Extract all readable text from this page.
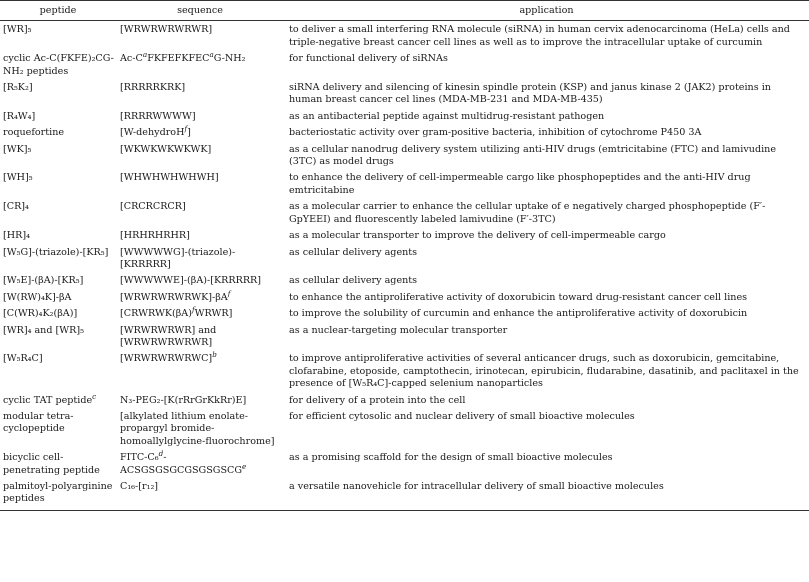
peptide	sequence	application
[WR]₅	[WRWRWRWRWR]	to deliver a small interfering RNA molecule (siRNA) in human cervix adenocarcinoma (HeLa) cells and triple-negative breast cancer cell lines as well as to improve the intracellular uptake of curcumin
cyclic Ac-C(FKFE)₂CG-NH₂ peptides	$Ac-C^aFKFEFKFEC^aG$-NH₂	for functional delivery of siRNAs
[R₅K₂]	[RRRRRKRK]	siRNA delivery and silencing of kinesin spindle protein (KSP) and janus kinase 2 (JAK2) proteins in human breast cancer cel lines (MDA-MB-231 and MDA-MB-435)
[R₄W₄]	[RRRRWWWW]	as an antibacterial peptide against multidrug-resistant pathogen
roquefortine	[W-dehydroH$^f$]	bacteriostatic activity over gram-positive bacteria, inhibition of cytochrome P450 3A
[WK]₅	[WKWKWKWKWK]	as a cellular nanodrug delivery system utilizing anti-HIV drugs (emtricitabine (FTC) and lamivudine (3TC) as model drugs
[WH]₅	[WHWHWHWHWH]	to enhance the delivery of cell-impermeable cargo like phosphopeptides and the anti-HIV drug emtricitabine
[CR]₄	[CRCRCRCR]	as a molecular carrier to enhance the cellular uptake of e negatively charged phosphopeptide (F′-GpYEEI) and fluorescently labeled lamivudine (F′-3TC)
[HR]₄	[HRHRHRHR]	as a molecular transporter to improve the delivery of cell-impermeable cargo
[W₅G]-(triazole)-[KR₅]	[WWWWWG]-(triazole)-[KRRRRR]	as cellular delivery agents
[W₅E]-(βA)-[KR₅]	[WWWWWE]-(βA)-[KRRRRR]	as cellular delivery agents
[W(RW)₄K]-βA	$[WRWRWRWRWK]-\beta A^f$	to enhance the antiproliferative activity of doxorubicin toward drug-resistant cancer cell lines
[C(WR)₄K₂(βA)]	$[CRWRWK(\beta A)^fWRWR]$	to improve the solubility of curcumin and enhance the antiproliferative activity of doxorubicin
[WR]₄ and [WR]₅	[WRWRWRWR] and [WRWRWRWRWR]	as a nuclear-targeting molecular transporter
[W₅R₄C]	[WRWRWRWRWC]$^b$	to improve antiproliferative activities of several anticancer drugs, such as doxorubicin, gemcitabine, clofarabine, etoposide, camptothecin, irinotecan, epirubicin, fludarabine, dasatinib, and paclitaxel in the presence of [W₅R₄C]-capped selenium nanoparticles
cyclic TAT peptide$^c$	N₃-PEG₂-[K(rRrGrKkRr)E]	for delivery of a protein into the cell
modular tetra-cyclopeptide	[alkylated lithium enolate-propargyl bromide-homoallylglycine-fluorochrome]	for efficient cytosolic and nuclear delivery of small bioactive molecules
bicyclic cell-penetrating peptide	FITC-C₆$^d$-ACSGSGSGCGSGSGSCG$^e$	as a promising scaffold for the design of small bioactive molecules
palmitoyl-polyarginine peptides	C₁₆-[r₁₂]	a versatile nanovehicle for intracellular delivery of small bioactive molecules
